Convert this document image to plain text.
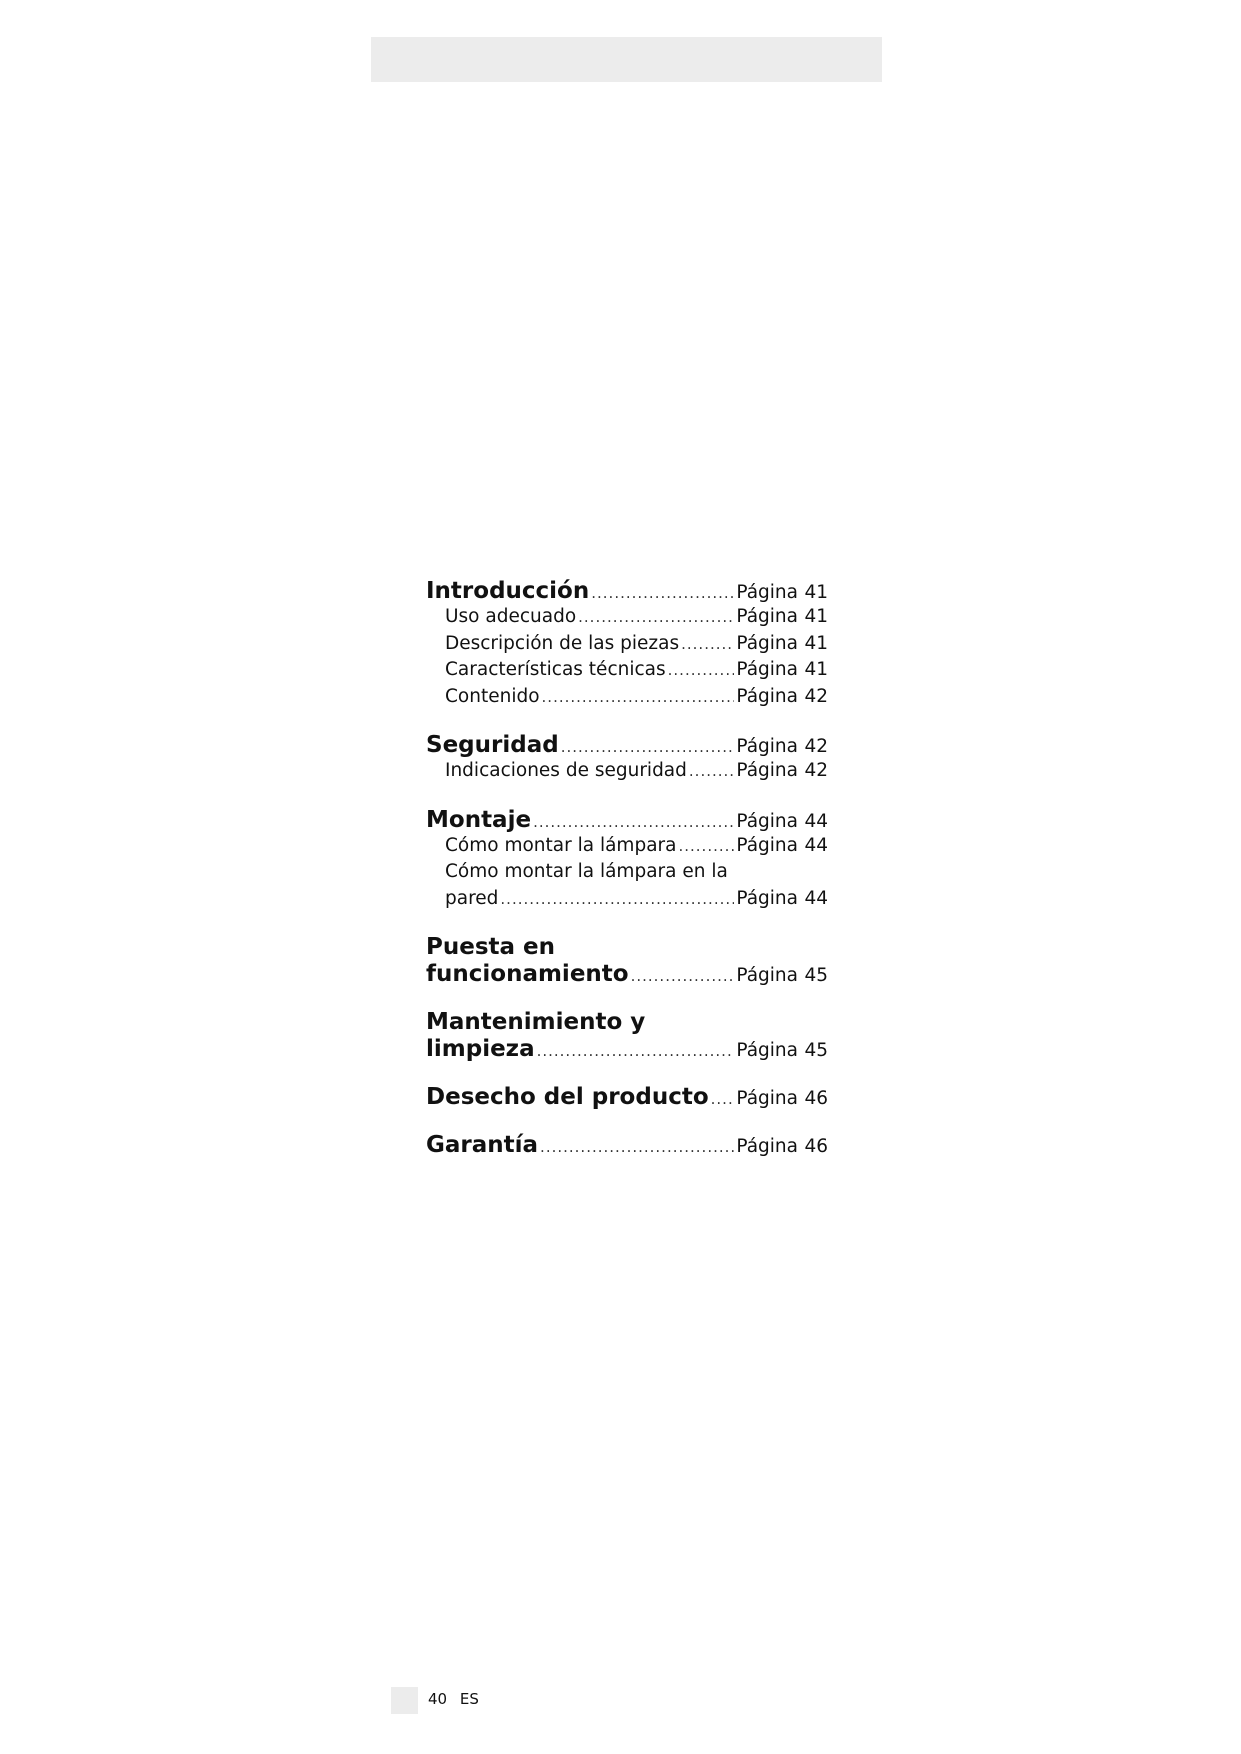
Introducción .....	Página 41
Uso adecuado .....	Página 41
Descripción de las piezas .....	Página 41
Características técnicas .....	Página 41
Contenido .....	Página 42
Seguridad .....	Página 42
Indicaciones de seguridad .....	Página 42
Montaje .....	Página 44
Cómo montar la lámpara .....	Página 44
Cómo montar la lámpara en la
pared .....	Página 44
Puesta en
funcionamiento .....	Página 45
Mantenimiento y
limpieza .....	Página 45
Desecho del producto ..... Página 46
Garantía .....	Página 46
40 ES
